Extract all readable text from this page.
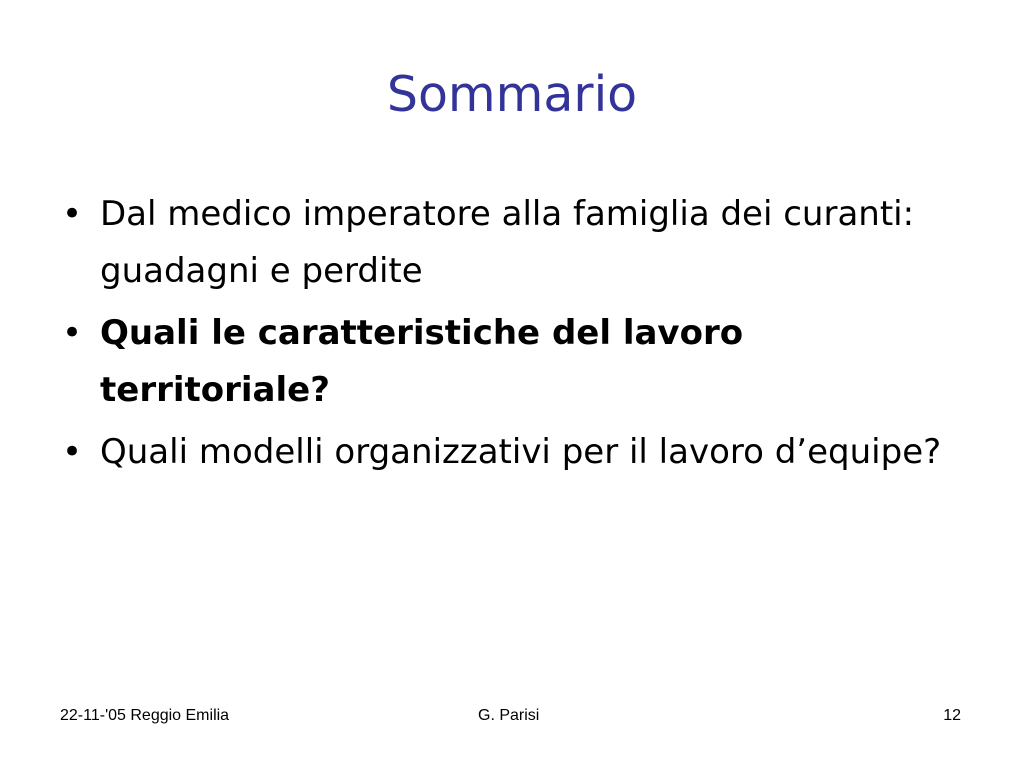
Sommario
• Dal medico imperatore alla famiglia dei curanti: guadagni e perdite
• Quali le caratteristiche del lavoro territoriale?
• Quali modelli organizzativi per il lavoro d’equipe?
22-11-'05 Reggio Emilia	G. Parisi	12
